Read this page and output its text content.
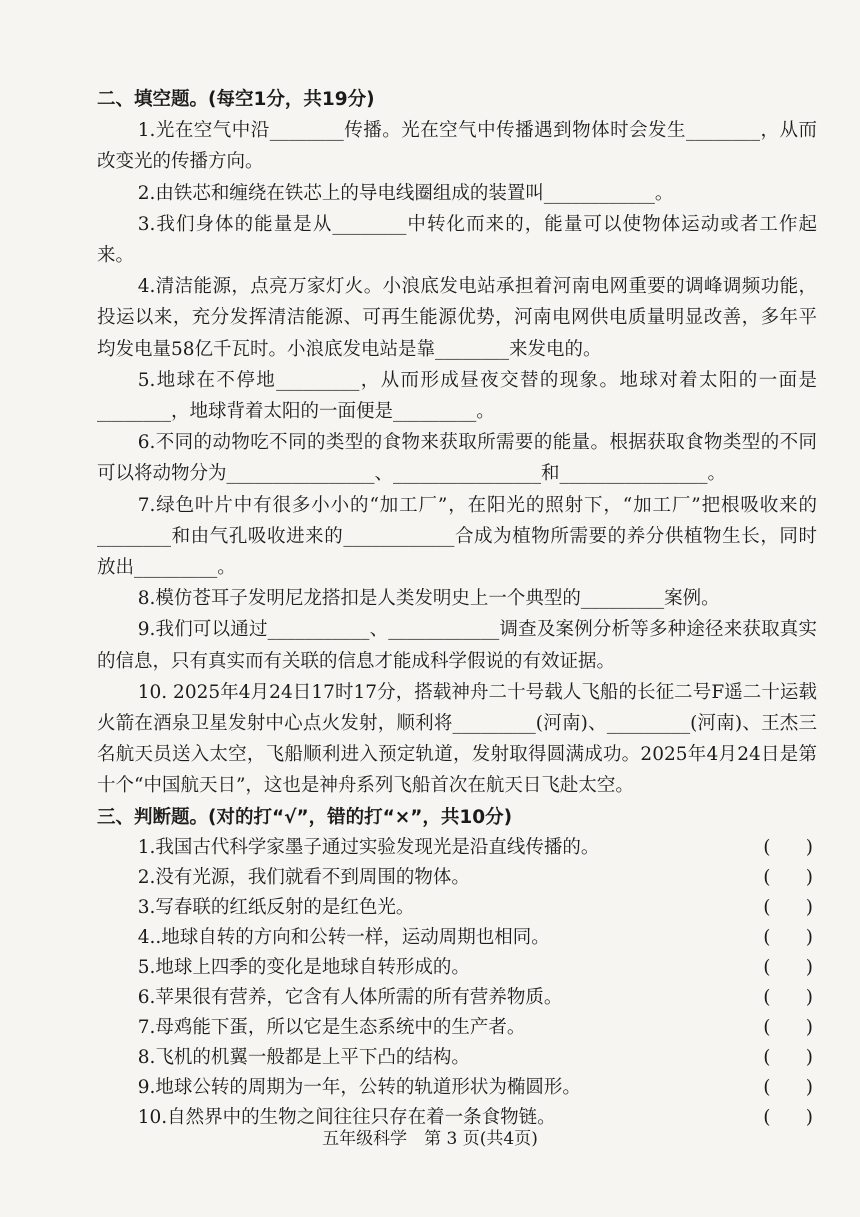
二、填空题。(每空1分，共19分)

1.光在空气中沿________传播。光在空气中传播遇到物体时会发生________，从而改变光的传播方向。

2.由铁芯和缠绕在铁芯上的导电线圈组成的装置叫____________。

3.我们身体的能量是从________中转化而来的，能量可以使物体运动或者工作起来。

4.清洁能源，点亮万家灯火。小浪底发电站承担着河南电网重要的调峰调频功能，投运以来，充分发挥清洁能源、可再生能源优势，河南电网供电质量明显改善，多年平均发电量58亿千瓦时。小浪底发电站是靠________来发电的。

5.地球在不停地_________，从而形成昼夜交替的现象。地球对着太阳的一面是________，地球背着太阳的一面便是_________。

6.不同的动物吃不同的类型的食物来获取所需要的能量。根据获取食物类型的不同可以将动物分为________________、________________和________________。

7.绿色叶片中有很多小小的“加工厂”，在阳光的照射下，“加工厂”把根吸收来的________和由气孔吸收进来的____________合成为植物所需要的养分供植物生长，同时放出_________。

8.模仿苍耳子发明尼龙搭扣是人类发明史上一个典型的_________案例。

9.我们可以通过___________、____________调查及案例分析等多种途径来获取真实的信息，只有真实而有关联的信息才能成科学假说的有效证据。

10. 2025年4月24日17时17分，搭载神舟二十号载人飞船的长征二号F遥二十运载火箭在酒泉卫星发射中心点火发射，顺利将_________(河南)、_________(河南)、王杰三名航天员送入太空，飞船顺利进入预定轨道，发射取得圆满成功。2025年4月24日是第十个“中国航天日”，这也是神舟系列飞船首次在航天日飞赴太空。

三、判断题。(对的打“√”，错的打“×”，共10分)

1.我国古代科学家墨子通过实验发现光是沿直线传播的。	(      )
2.没有光源，我们就看不到周围的物体。	(      )
3.写春联的红纸反射的是红色光。	(      )
4..地球自转的方向和公转一样，运动周期也相同。	(      )
5.地球上四季的变化是地球自转形成的。	(      )
6.苹果很有营养，它含有人体所需的所有营养物质。	(      )
7.母鸡能下蛋，所以它是生态系统中的生产者。	(      )
8.飞机的机翼一般都是上平下凸的结构。	(      )
9.地球公转的周期为一年，公转的轨道形状为椭圆形。	(      )
10.自然界中的生物之间往往只存在着一条食物链。	(      )
五年级科学　第 3 页(共4页)
